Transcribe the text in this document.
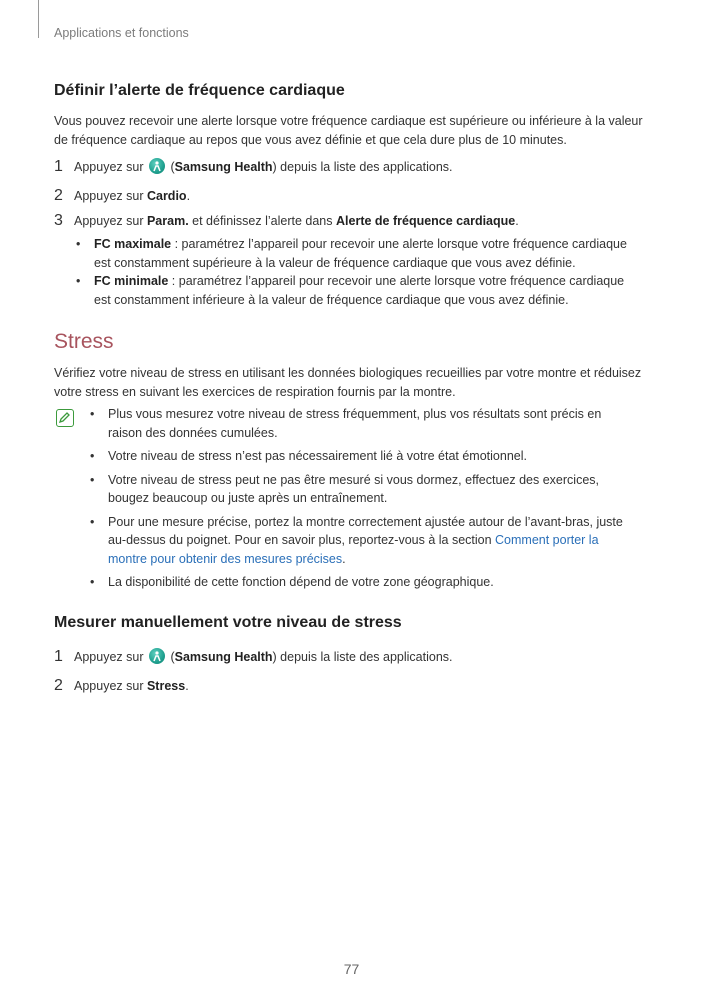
Applications et fonctions
Définir l’alerte de fréquence cardiaque
Vous pouvez recevoir une alerte lorsque votre fréquence cardiaque est supérieure ou inférieure à la valeur de fréquence cardiaque au repos que vous avez définie et que cela dure plus de 10 minutes.
1 Appuyez sur
(Samsung Health) depuis la liste des applications.
2 Appuyez sur Cardio.
3 Appuyez sur Param. et définissez l’alerte dans Alerte de fréquence cardiaque.
•	FC maximale : paramétrez l’appareil pour recevoir une alerte lorsque votre fréquence cardiaque est constamment supérieure à la valeur de fréquence cardiaque que vous avez définie.
•	FC minimale : paramétrez l’appareil pour recevoir une alerte lorsque votre fréquence cardiaque est constamment inférieure à la valeur de fréquence cardiaque que vous avez définie.
Stress
Vérifiez votre niveau de stress en utilisant les données biologiques recueillies par votre montre et réduisez votre stress en suivant les exercices de respiration fournis par la montre.
•	Plus vous mesurez votre niveau de stress fréquemment, plus vos résultats sont précis en raison des données cumulées.
•	Votre niveau de stress n’est pas nécessairement lié à votre état émotionnel.
•	Votre niveau de stress peut ne pas être mesuré si vous dormez, effectuez des exercices, bougez beaucoup ou juste après un entraînement.
•	Pour une mesure précise, portez la montre correctement ajustée autour de l’avant-bras, juste au-dessus du poignet. Pour en savoir plus, reportez-vous à la section Comment porter la montre pour obtenir des mesures précises.
•	La disponibilité de cette fonction dépend de votre zone géographique.
Mesurer manuellement votre niveau de stress
1 Appuyez sur
(Samsung Health) depuis la liste des applications.
2 Appuyez sur Stress.
77
